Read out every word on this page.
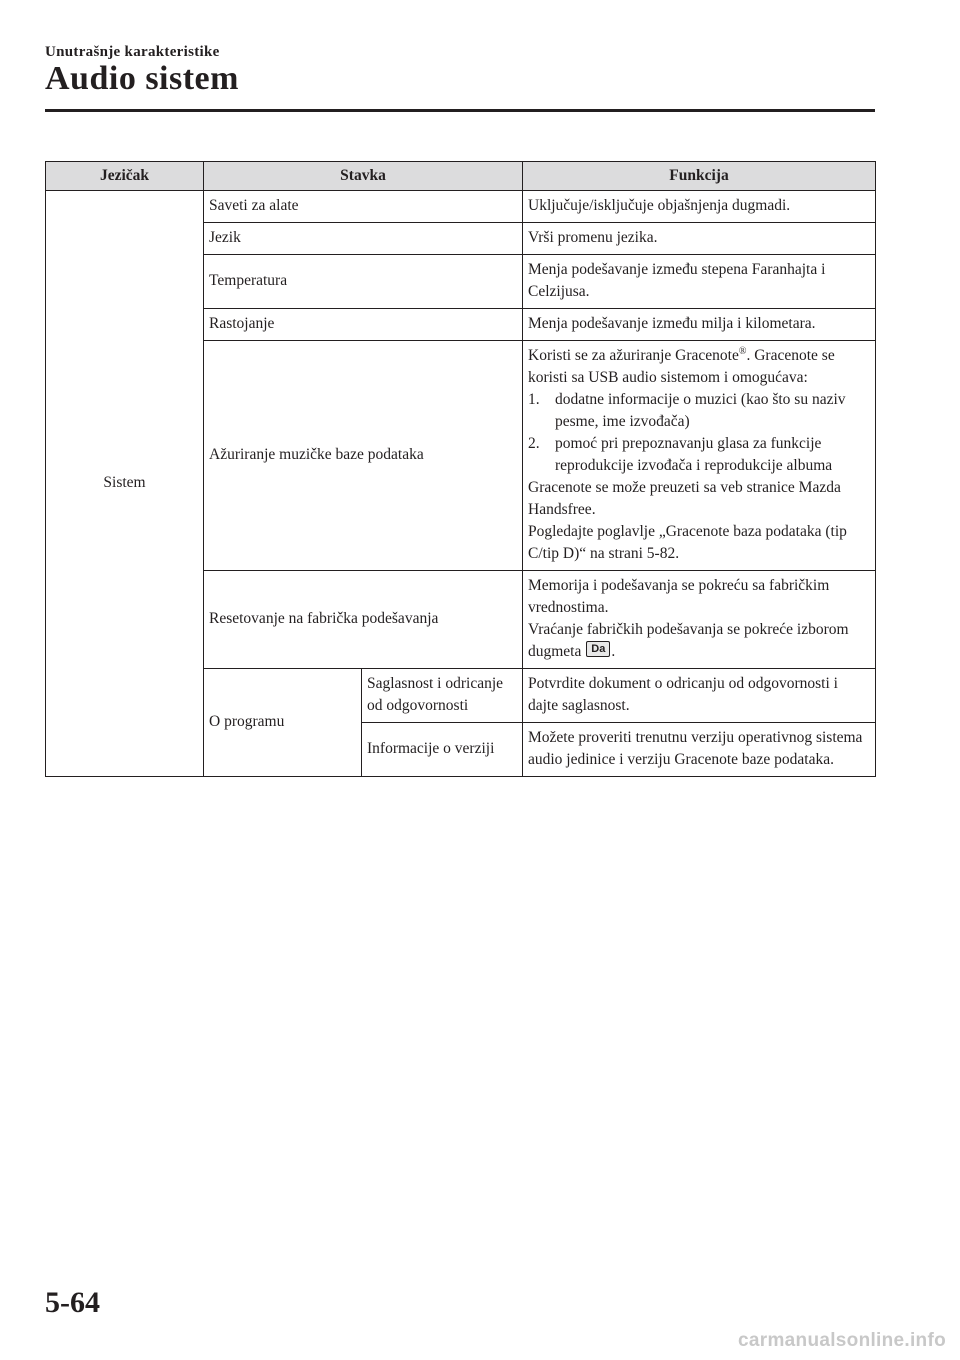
Unutrašnje karakteristike
Audio sistem
Jezičak	Stavka		Funkcija
Sistem	Saveti za alate		Uključuje/isključuje objašnjenja dugmadi.
	Jezik		Vrši promenu jezika.
	Temperatura		Menja podešavanje između stepena Faranhajta i Celzijusa.
	Rastojanje		Menja podešavanje između milja i kilometara.
	Ažuriranje muzičke baze podataka		Koristi se za ažuriranje Gracenote®. Gracenote se koristi sa USB audio sistemom i omogućava:
1. dodatne informacije o muzici (kao što su naziv pesme, ime izvođača)
2. pomoć pri prepoznavanju glasa za funkcije reprodukcije izvođača i reprodukcije albuma
Gracenote se može preuzeti sa veb stranice Mazda Handsfree.
Pogledajte poglavlje „Gracenote baza podataka (tip C/tip D)“ na strani 5-82.

	Resetovanje na fabrička podešavanja		Memorija i podešavanja se pokreću sa fabričkim vrednostima.
Vraćanje fabričkih podešavanja se pokreće izborom dugmeta Da .
	O programu	Saglasnost i odricanje od odgovornosti	Potvrdite dokument o odricanju od odgovornosti i dajte saglasnost.
		Informacije o verziji	Možete proveriti trenutnu verziju operativnog sistema audio jedinice i verziju Gracenote baze podataka.
5-64
carmanualsonline.info
